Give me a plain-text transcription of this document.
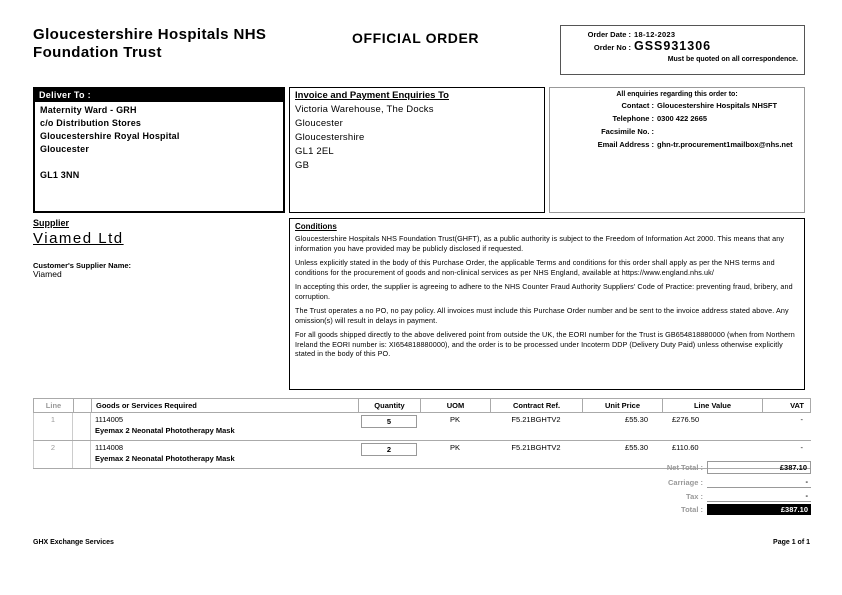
Gloucestershire Hospitals NHS Foundation Trust
OFFICIAL ORDER	Order Date : 18-12-2023
Order No : GSS931306
Must be quoted on all correspondence.
Deliver To :
Maternity Ward - GRH
c/o Distribution Stores
Gloucestershire Royal Hospital
Gloucester
GL1 3NN
Invoice and Payment Enquiries To
Victoria Warehouse, The Docks
Gloucester
Gloucestershire
GL1 2EL
GB
All enquiries regarding this order to:
Contact : Gloucestershire Hospitals NHSFT
Telephone : 0300 422 2665
Facsimile No. :
Email Address : ghn-tr.procurement1mailbox@nhs.net
Supplier
Viamed Ltd
Customer's Supplier Name:
Viamed
Conditions
Gloucestershire Hospitals NHS Foundation Trust(GHFT), as a public authority is subject to the Freedom of Information Act 2000. This means that any information you have provided may be publicly disclosed if requested.
Unless explicitly stated in the body of this Purchase Order, the applicable Terms and conditions for this order shall apply as per the NHS terms and conditions for the procurement of goods and non-clinical services as per NHS England, available at https://www.england.nhs.uk/
In accepting this order, the supplier is agreeing to adhere to the NHS Counter Fraud Authority Suppliers' Code of Practice: preventing fraud, bribery, and corruption.
The Trust operates a no PO, no pay policy. All invoices must include this Purchase Order number and be sent to the invoice address stated above. Any omission(s) will result in delays in payment.
For all goods shipped directly to the above delivered point from outside the UK, the EORI number for the Trust is GB654818880000 (when from Northern Ireland the EORI number is: XI654818880000), and the order is to be processed under Incoterm DDP (Delivery Duty Paid) unless otherwise explicitly stated in the body of this PO.
Line	Goods or Services Required	Quantity	UOM	Contract Ref.	Unit Price	Line Value	VAT
1	1114005
Eyemax 2 Neonatal Phototherapy Mask
5	PK	F5.21BGHTV2	£55.30	£276.50	-
2	1114008
Eyemax 2 Neonatal Phototherapy Mask
2	PK	F5.21BGHTV2	£55.30	£110.60	-
Net Total :	£387.10
Carriage :	-
Tax :	-
Total :	£387.10
GHX Exchange Services	Page 1 of 1
